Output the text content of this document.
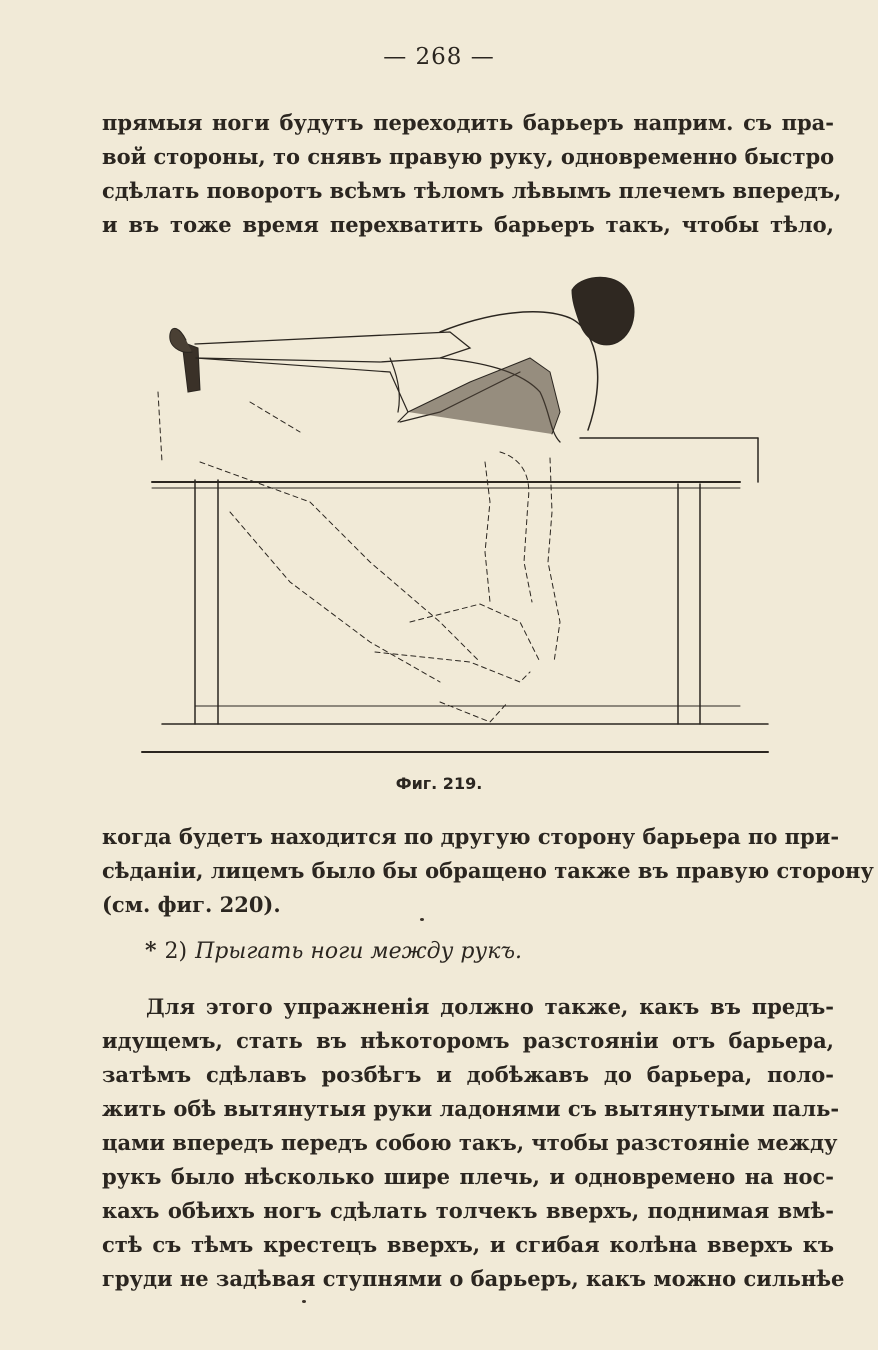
— 268 —
прямыя ноги будутъ переходить барьеръ наприм. съ пра-
вой стороны, то снявъ правую руку, одновременно быстро
сдѣлать поворотъ всѣмъ тѣломъ лѣвымъ плечемъ впередъ,
и въ тоже время перехватить барьеръ такъ, чтобы тѣло,
Фиг. 219.
когда будетъ находится по другую сторону барьера по при-
сѣданіи, лицемъ былo бы обращено также въ правую сторону
(см. фиг. 220).
* 2) Прыгать ноги между рукъ.
Для этого упражненія должно также, какъ въ предъ-
идущемъ, стать въ нѣкоторомъ разстояніи отъ барьера,
затѣмъ сдѣлавъ розбѣгъ и добѣжавъ до барьера, поло-
жить обѣ вытянутыя руки ладонями съ вытянутыми паль-
цами впередъ передъ собою такъ, чтобы разстояніе между
рукъ было нѣсколько шире плечь, и одновремено на нос-
кахъ обѣихъ ногъ сдѣлать толчекъ вверхъ, поднимая вмѣ-
стѣ съ тѣмъ крестецъ вверхъ, и сгибая колѣна вверхъ къ
груди не задѣвая ступнями о барьеръ, какъ можно сильнѣе
